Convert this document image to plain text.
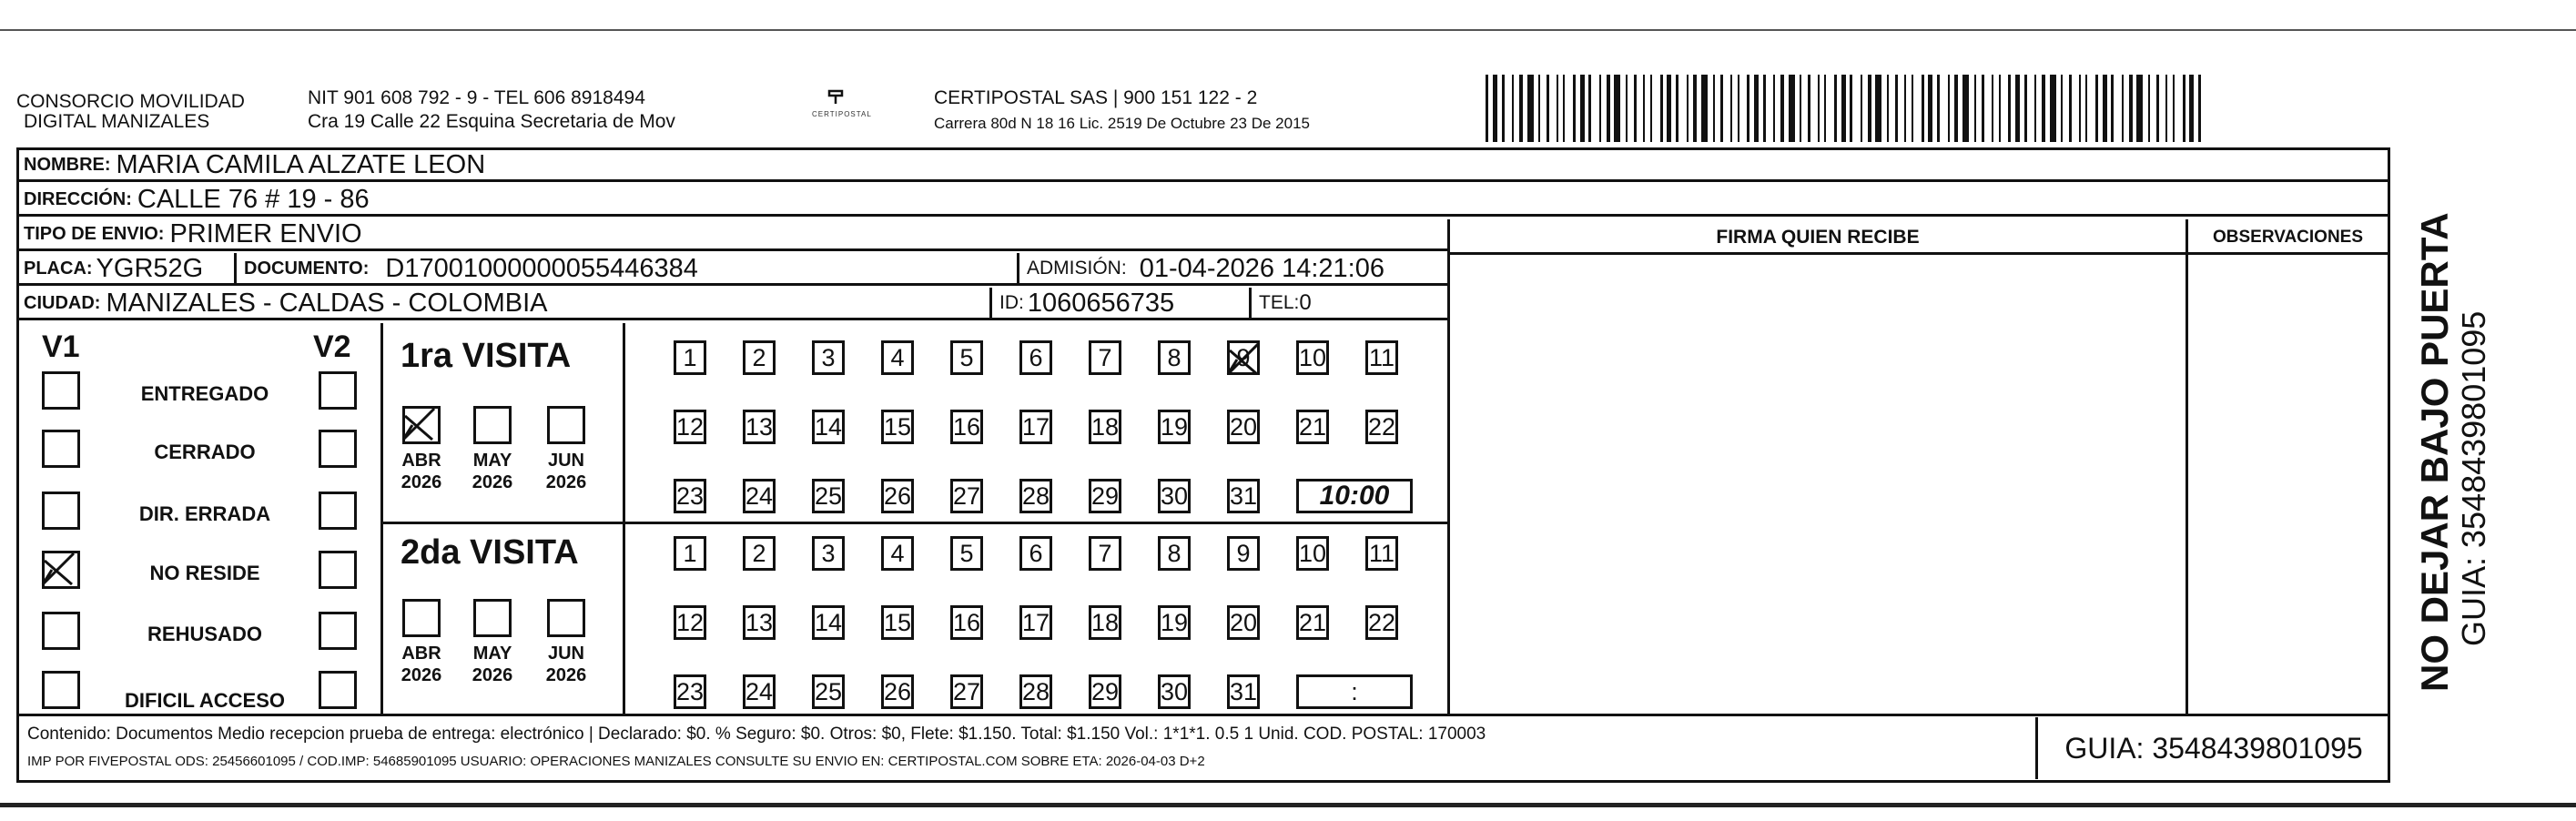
CONSORCIO MOVILIDAD
DIGITAL MANIZALES
NIT 901 608 792 - 9 - TEL 606 8918494
Cra 19 Calle 22 Esquina Secretaria de Mov	CERTIPOSTAL
CERTIPOSTAL SAS | 900 151 122 - 2
Carrera 80d N 18 16 Lic. 2519 De Octubre 23 De 2015
NOMBRE: MARIA CAMILA ALZATE LEON
DIRECCIÓN: CALLE 76 # 19 - 86
TIPO DE ENVIO: PRIMER ENVIO
PLACA: YGR52G DOCUMENTO: D17001000000055446384	ADMISIÓN: 01-04-2026 14:21:06
CIUDAD: MANIZALES - CALDAS - COLOMBIA	ID: 1060656735	TEL: 0
FIRMA QUIEN RECIBE	OBSERVACIONES
V1	V2
ENTREGADO
CERRADO
DIR. ERRADA
NO RESIDE
REHUSADO
DIFICIL ACCESO
1ra VISITA
ABR
2026
MAY
2026
JUN
2026
1	2	3	4	5	6	7	8	9	10 11
12 13 14 15 16 17 18 19 20 21 22
23 24 25 26 27 28 29 30 31	10:00
2da VISITA
ABR
2026
MAY
2026
JUN
2026
1	2	3	4	5	6	7	8	9	10 11
12 13 14 15 16 17 18 19 20 21 22
23 24 25 26 27 28 29 30 31	:
Contenido: Documentos Medio recepcion prueba de entrega: electrónico | Declarado: $0. % Seguro: $0. Otros: $0, Flete: $1.150. Total: $1.150 Vol.: 1*1*1. 0.5 1 Unid. COD. POSTAL: 170003
IMP POR FIVEPOSTAL ODS: 25456601095 / COD.IMP: 54685901095 USUARIO: OPERACIONES MANIZALES CONSULTE SU ENVIO EN: CERTIPOSTAL.COM SOBRE ETA: 2026-04-03 D+2	GUIA: 3548439801095
NO DEJAR BAJO PUERTA GUIA: 3548439801095
